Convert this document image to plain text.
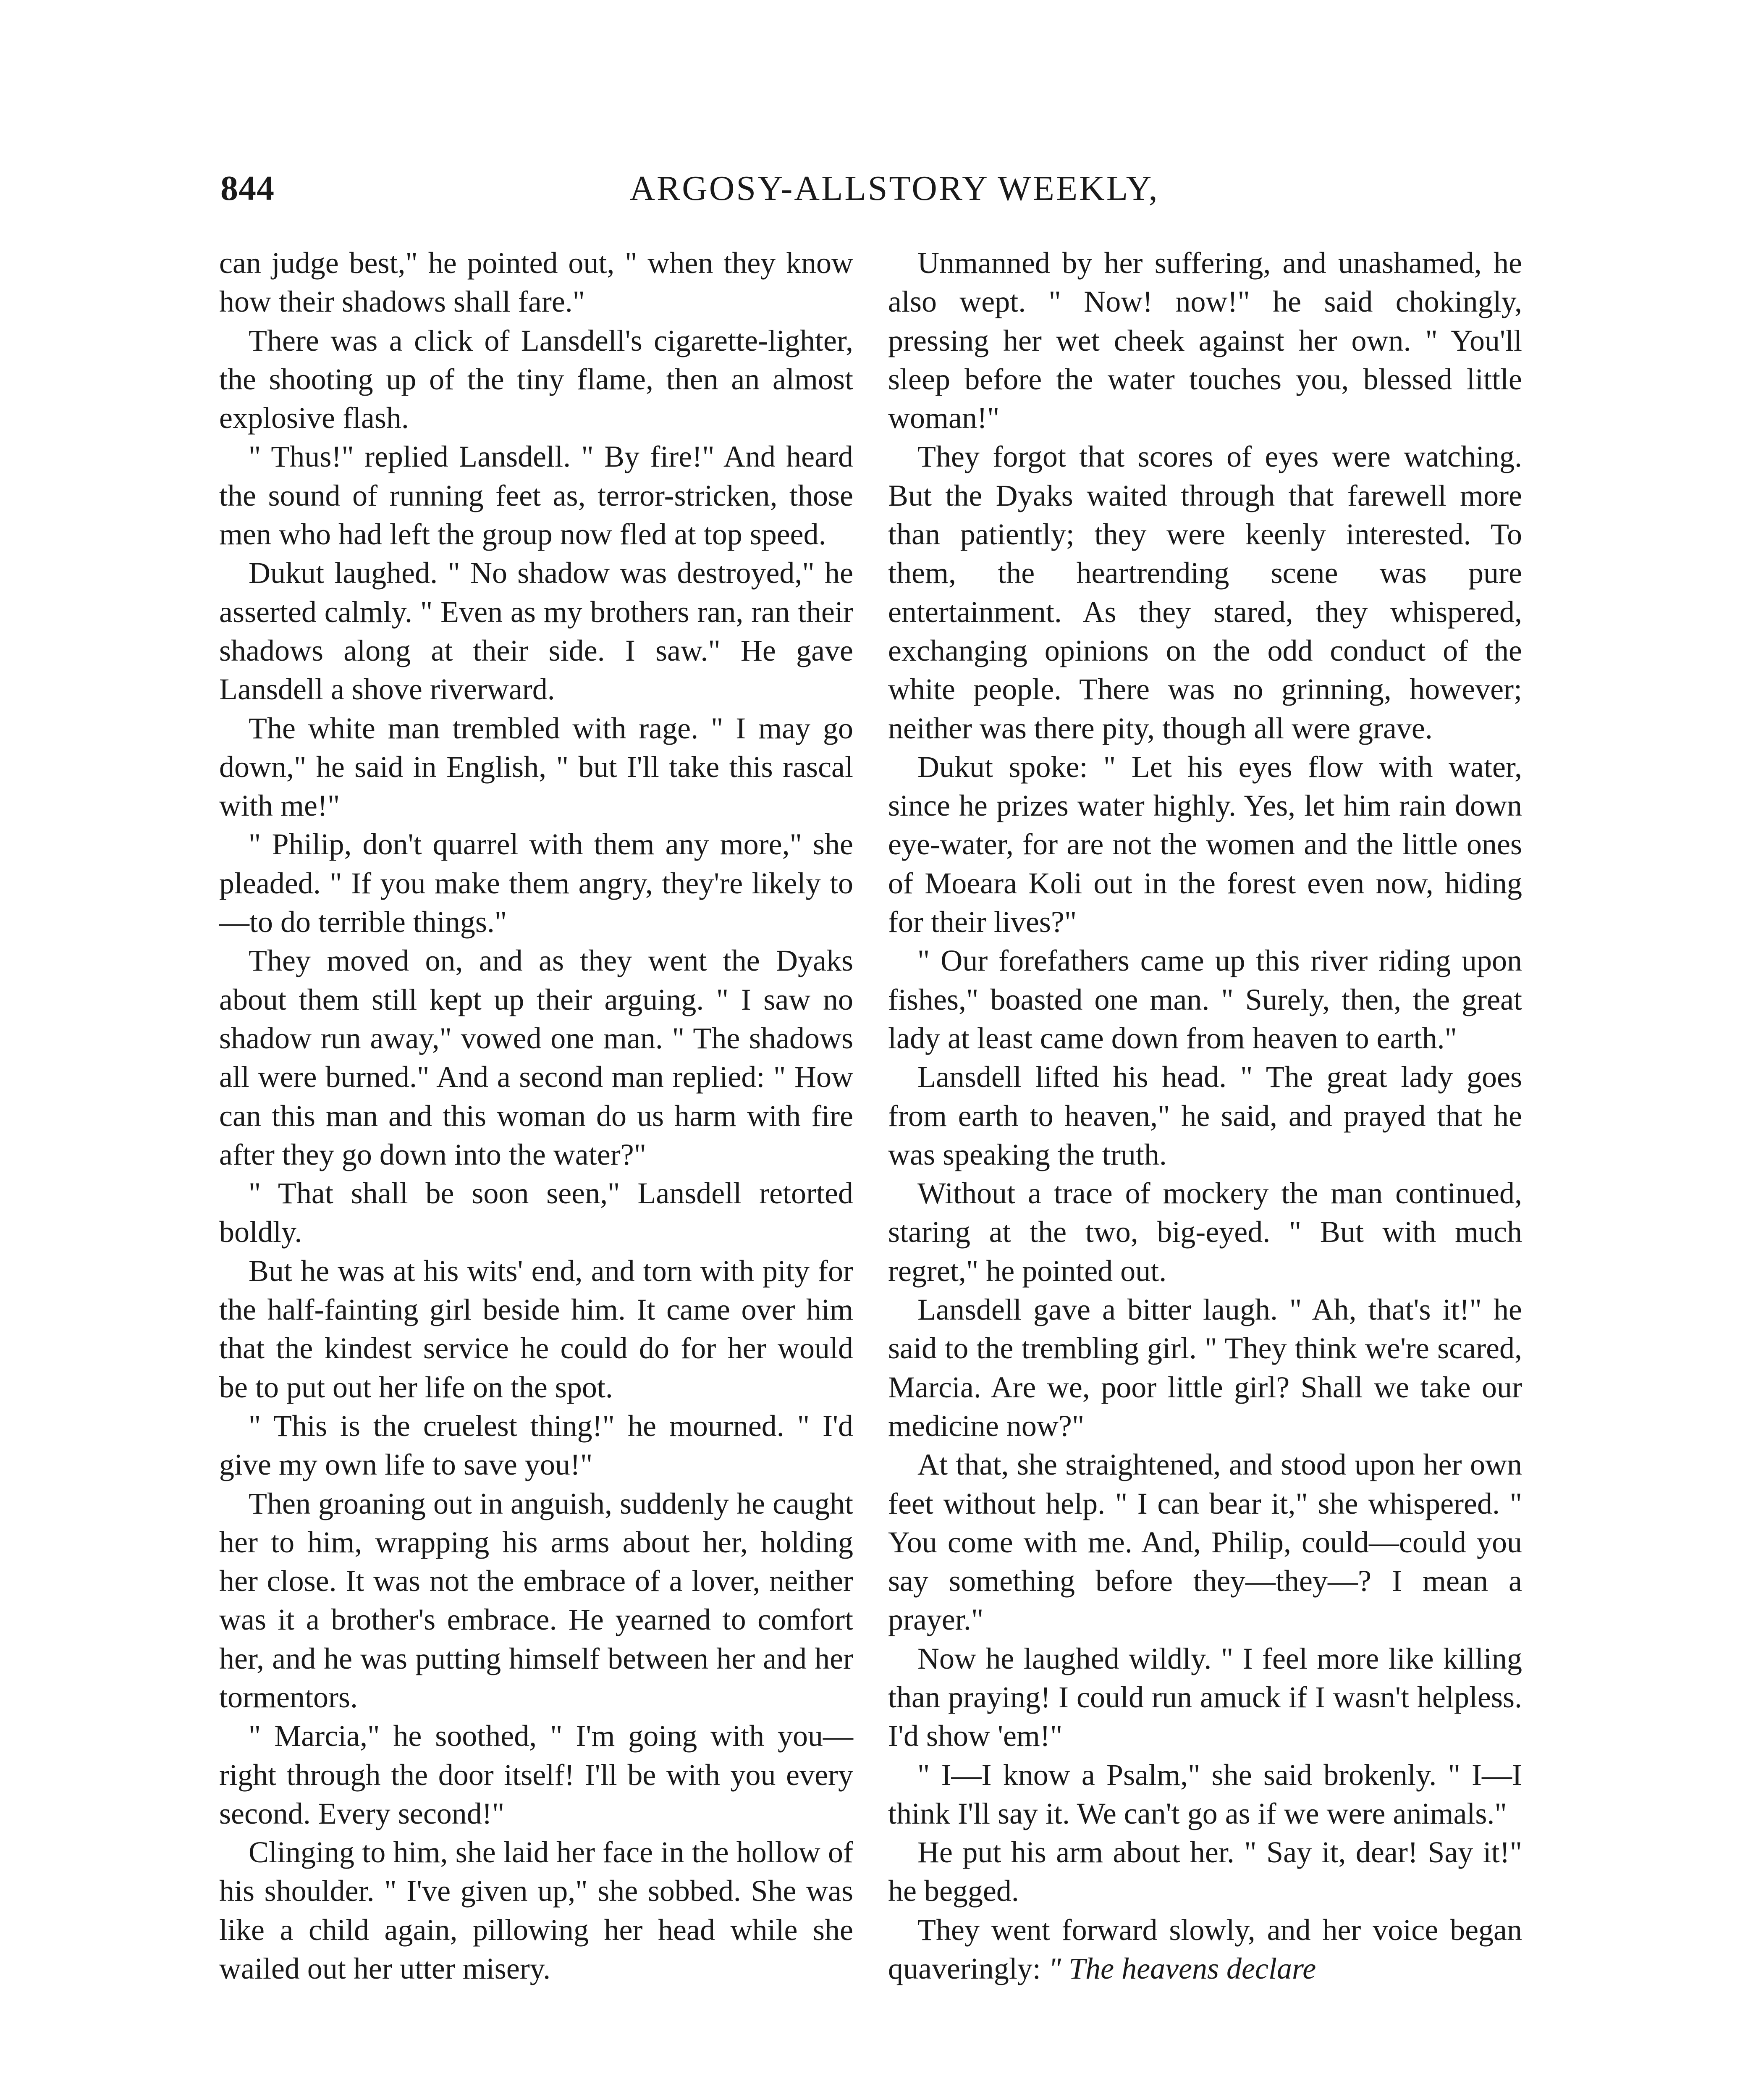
844	ARGOSY-ALLSTORY WEEKLY,

can judge best," he pointed out, " when they know how their shadows shall fare."

There was a click of Lansdell's cigarette-lighter, the shooting up of the tiny flame, then an almost explosive flash.

" Thus!" replied Lansdell. " By fire!" And heard the sound of running feet as, terror-stricken, those men who had left the group now fled at top speed.

Dukut laughed. " No shadow was destroyed," he asserted calmly. " Even as my brothers ran, ran their shadows along at their side. I saw." He gave Lansdell a shove riverward.

The white man trembled with rage. " I may go down," he said in English, " but I'll take this rascal with me!"

" Philip, don't quarrel with them any more," she pleaded. " If you make them angry, they're likely to—to do terrible things."

They moved on, and as they went the Dyaks about them still kept up their arguing. " I saw no shadow run away," vowed one man. " The shadows all were burned." And a second man replied: " How can this man and this woman do us harm with fire after they go down into the water?"

" That shall be soon seen," Lansdell retorted boldly.

But he was at his wits' end, and torn with pity for the half-fainting girl beside him. It came over him that the kindest service he could do for her would be to put out her life on the spot.

" This is the cruelest thing!" he mourned. " I'd give my own life to save you!"

Then groaning out in anguish, suddenly he caught her to him, wrapping his arms about her, holding her close. It was not the embrace of a lover, neither was it a brother's embrace. He yearned to comfort her, and he was putting himself between her and her tormentors.

" Marcia," he soothed, " I'm going with you—right through the door itself! I'll be with you every second. Every second!"

Clinging to him, she laid her face in the hollow of his shoulder. " I've given up," she sobbed. She was like a child again, pillowing her head while she wailed out her utter misery.

Unmanned by her suffering, and unashamed, he also wept. " Now! now!" he said chokingly, pressing her wet cheek against her own. " You'll sleep before the water touches you, blessed little woman!"

They forgot that scores of eyes were watching. But the Dyaks waited through that farewell more than patiently; they were keenly interested. To them, the heartrending scene was pure entertainment. As they stared, they whispered, exchanging opinions on the odd conduct of the white people. There was no grinning, however; neither was there pity, though all were grave.

Dukut spoke: " Let his eyes flow with water, since he prizes water highly. Yes, let him rain down eye-water, for are not the women and the little ones of Moeara Koli out in the forest even now, hiding for their lives?"

" Our forefathers came up this river riding upon fishes," boasted one man. " Surely, then, the great lady at least came down from heaven to earth."

Lansdell lifted his head. " The great lady goes from earth to heaven," he said, and prayed that he was speaking the truth.

Without a trace of mockery the man continued, staring at the two, big-eyed. " But with much regret," he pointed out.

Lansdell gave a bitter laugh. " Ah, that's it!" he said to the trembling girl. " They think we're scared, Marcia. Are we, poor little girl? Shall we take our medicine now?"

At that, she straightened, and stood upon her own feet without help. " I can bear it," she whispered. " You come with me. And, Philip, could—could you say something before they—they—? I mean a prayer."

Now he laughed wildly. " I feel more like killing than praying! I could run amuck if I wasn't helpless. I'd show 'em!"

" I—I know a Psalm," she said brokenly. " I—I think I'll say it. We can't go as if we were animals."

He put his arm about her. " Say it, dear! Say it!" he begged.

They went forward slowly, and her voice began quaveringly: " The heavens declare
